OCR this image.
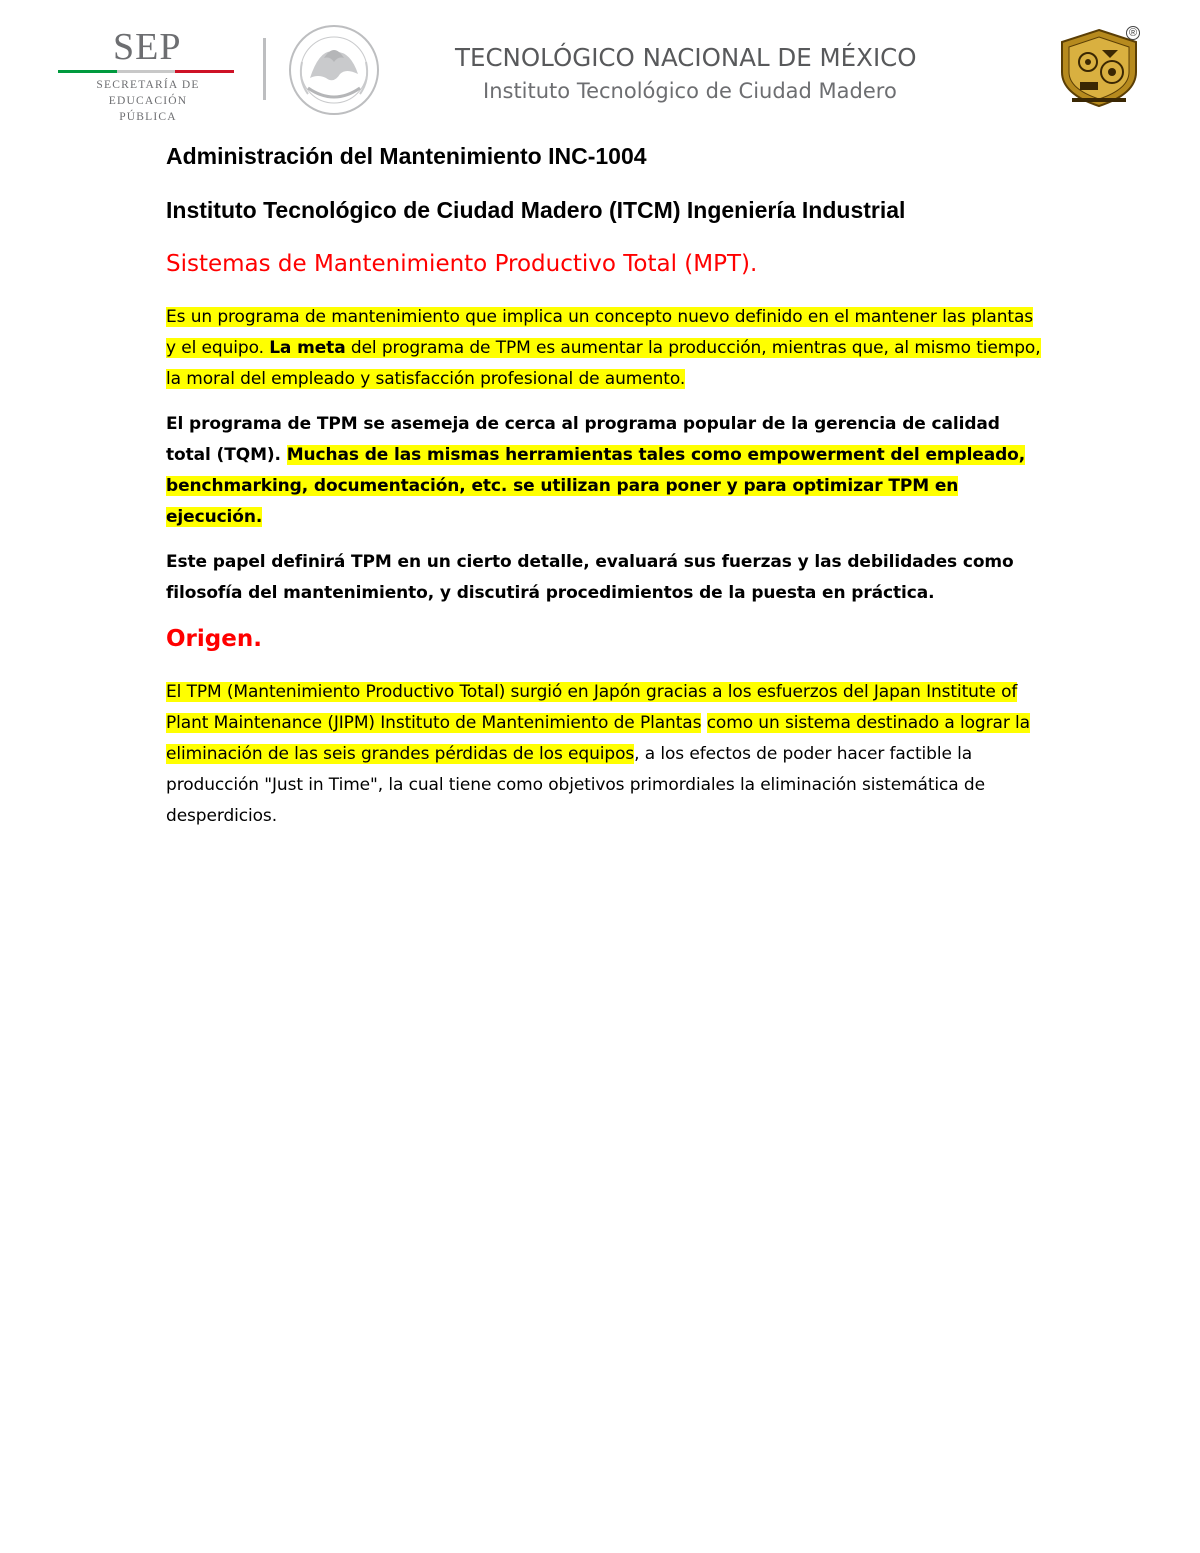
SEP
SECRETARÍA DE
EDUCACIÓN PÚBLICA
TECNOLÓGICO NACIONAL DE MÉXICO
Instituto Tecnológico de Ciudad Madero
®
Administración del Mantenimiento INC-1004
Instituto Tecnológico de Ciudad Madero (ITCM) Ingeniería Industrial
Sistemas de Mantenimiento Productivo Total (MPT).

Es un programa de mantenimiento que implica un concepto nuevo definido en el mantener las plantas y el equipo. La meta del programa de TPM es aumentar la producción, mientras que, al mismo tiempo, la moral del empleado y satisfacción profesional de aumento.

El programa de TPM se asemeja de cerca al programa popular de la gerencia de calidad total (TQM). Muchas de las mismas herramientas tales como empowerment del empleado, benchmarking, documentación, etc. se utilizan para poner y para optimizar TPM en ejecución.

Este papel definirá TPM en un cierto detalle, evaluará sus fuerzas y las debilidades como filosofía del mantenimiento, y discutirá procedimientos de la puesta en práctica.

Origen.

El TPM (Mantenimiento Productivo Total) surgió en Japón gracias a los esfuerzos del Japan Institute of Plant Maintenance (JIPM) Instituto de Mantenimiento de Plantas como un sistema destinado a lograr la eliminación de las seis grandes pérdidas de los equipos, a los efectos de poder hacer factible la producción "Just in Time", la cual tiene como objetivos primordiales la eliminación sistemática de desperdicios.
